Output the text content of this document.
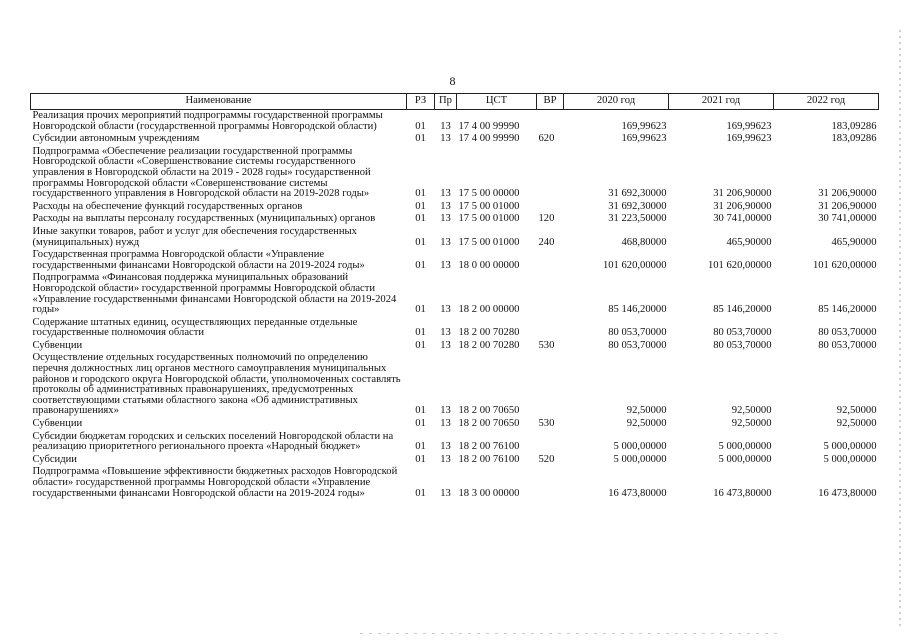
8
Наименование	РЗ	Пр	ЦСТ	ВР	2020 год	2021 год	2022 год
Реализация прочих мероприятий подпрограммы государственной программы Новгородской области (государственной программы Новгородской области)	01	13	17 4 00 99990		169,99623	169,99623	183,09286
Субсидии автономным учреждениям	01	13	17 4 00 99990	620	169,99623	169,99623	183,09286
Подпрограмма «Обеспечение реализации государственной программы Новгородской области «Совершенствование системы государственного управления в Новгородской области на 2019 - 2028 годы» государственной программы Новгородской области «Совершенствование системы государственного управления в Новгородской области на 2019-2028 годы»	01	13	17 5 00 00000		31 692,30000	31 206,90000	31 206,90000
Расходы на обеспечение функций государственных органов	01	13	17 5 00 01000		31 692,30000	31 206,90000	31 206,90000
Расходы на выплаты персоналу государственных (муниципальных) органов	01	13	17 5 00 01000	120	31 223,50000	30 741,00000	30 741,00000
Иные закупки товаров, работ и услуг для обеспечения государственных (муниципальных) нужд	01	13	17 5 00 01000	240	468,80000	465,90000	465,90000
Государственная программа Новгородской области «Управление государственными финансами Новгородской области на 2019-2024 годы»	01	13	18 0 00 00000		101 620,00000	101 620,00000	101 620,00000
Подпрограмма «Финансовая поддержка муниципальных образований Новгородской области» государственной программы Новгородской области «Управление государственными финансами Новгородской области на 2019-2024 годы»	01	13	18 2 00 00000		85 146,20000	85 146,20000	85 146,20000
Содержание штатных единиц, осуществляющих переданные отдельные государственные полномочия области	01	13	18 2 00 70280		80 053,70000	80 053,70000	80 053,70000
Субвенции	01	13	18 2 00 70280	530	80 053,70000	80 053,70000	80 053,70000
Осуществление отдельных государственных полномочий по определению перечня должностных лиц органов местного самоуправления муниципальных районов и городского округа Новгородской области, уполномоченных составлять протоколы об административных правонарушениях, предусмотренных соответствующими статьями областного закона «Об административных правонарушениях»	01	13	18 2 00 70650		92,50000	92,50000	92,50000
Субвенции	01	13	18 2 00 70650	530	92,50000	92,50000	92,50000
Субсидии бюджетам городских и сельских поселений Новгородской области на реализацию приоритетного регионального проекта «Народный бюджет»	01	13	18 2 00 76100		5 000,00000	5 000,00000	5 000,00000
Субсидии	01	13	18 2 00 76100	520	5 000,00000	5 000,00000	5 000,00000
Подпрограмма «Повышение эффективности бюджетных расходов Новгородской области» государственной программы Новгородской области «Управление государственными финансами Новгородской области на 2019-2024 годы»	01	13	18 3 00 00000		16 473,80000	16 473,80000	16 473,80000
